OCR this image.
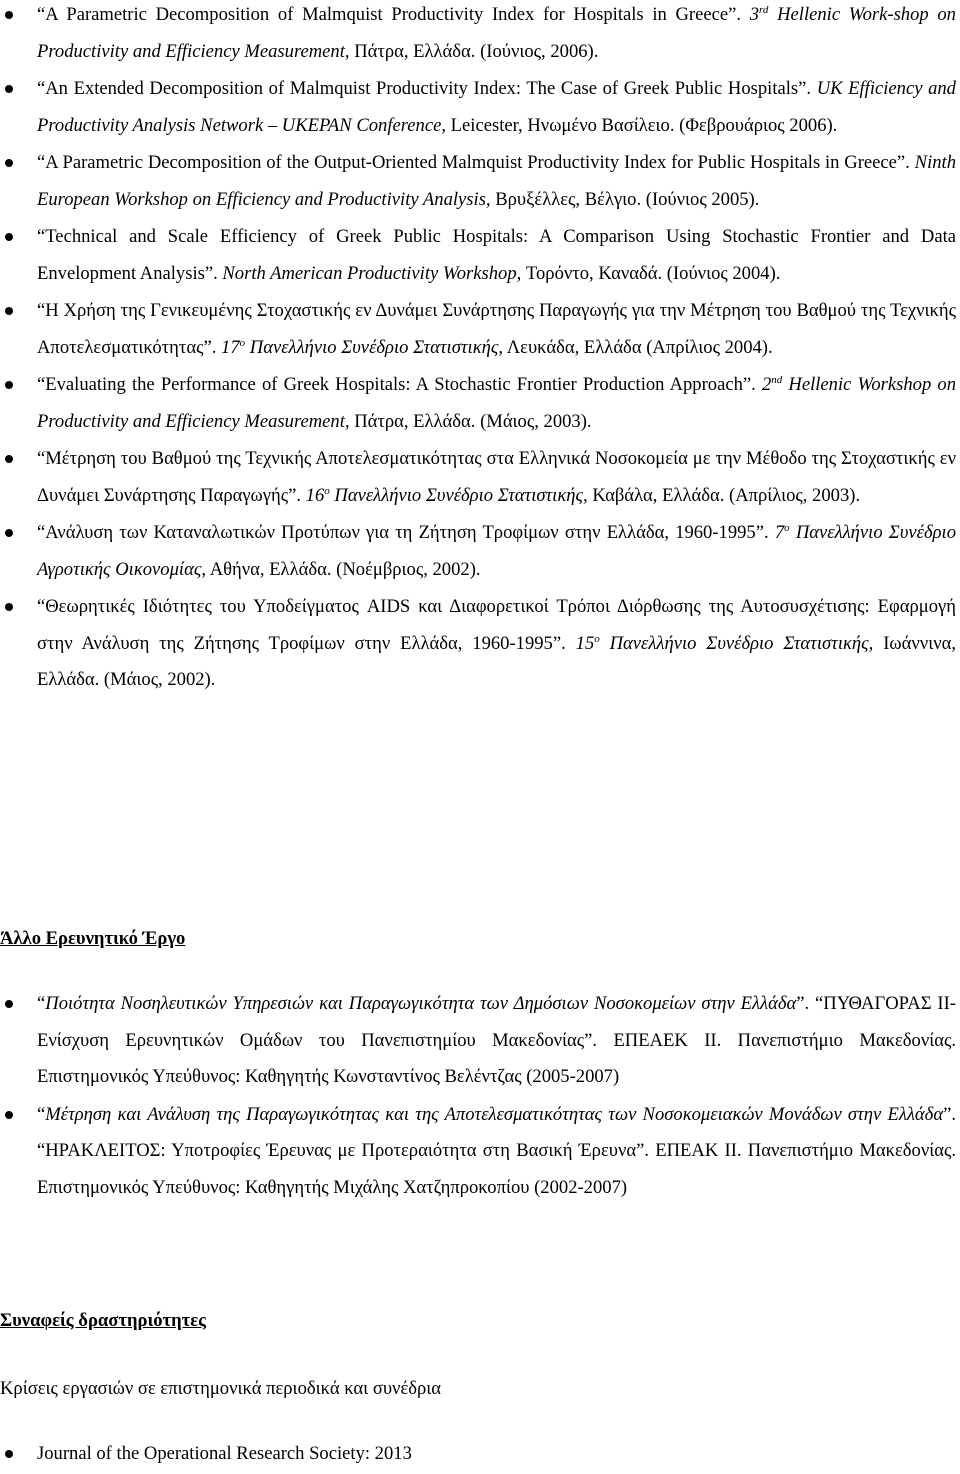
“A Parametric Decomposition of Malmquist Productivity Index for Hospitals in Greece”. 3rd Hellenic Work-shop on Productivity and Efficiency Measurement, Πάτρα, Ελλάδα. (Ιούνιος, 2006).
“An Extended Decomposition of Malmquist Productivity Index: The Case of Greek Public Hospitals”. UK Efficiency and Productivity Analysis Network – UKEPAN Conference, Leicester, Ηνωμένο Βασίλειο. (Φεβρουάριος 2006).
“A Parametric Decomposition of the Output-Oriented Malmquist Productivity Index for Public Hospitals in Greece”. Ninth European Workshop on Efficiency and Productivity Analysis, Βρυξέλλες, Βέλγιο. (Ιούνιος 2005).
“Technical and Scale Efficiency of Greek Public Hospitals: A Comparison Using Stochastic Frontier and Data Envelopment Analysis”. North American Productivity Workshop, Τορόντο, Καναδά. (Ιούνιος 2004).
“Η Χρήση της Γενικευμένης Στοχαστικής εν Δυνάμει Συνάρτησης Παραγωγής για την Μέτρηση του Βαθμού της Τεχνικής Αποτελεσματικότητας”. $17^o$ Πανελλήνιο Συνέδριο Στατιστικής, Λευκάδα, Ελλάδα (Απρίλιος 2004).
“Evaluating the Performance of Greek Hospitals: A Stochastic Frontier Production Approach”. 2nd Hellenic Workshop on Productivity and Efficiency Measurement, Πάτρα, Ελλάδα. (Μάιος, 2003).
“Μέτρηση του Βαθμού της Τεχνικής Αποτελεσματικότητας στα Ελληνικά Νοσοκομεία με την Μέθοδο της Στοχαστικής εν Δυνάμει Συνάρτησης Παραγωγής”. $16^o$ Πανελλήνιο Συνέδριο Στατιστικής, Καβάλα, Ελλάδα. (Απρίλιος, 2003).
“Ανάλυση των Καταναλωτικών Προτύπων για τη Ζήτηση Τροφίμων στην Ελλάδα, 1960-1995”. $7^o$ Πανελλήνιο Συνέδριο Αγροτικής Οικονομίας, Αθήνα, Ελλάδα. (Νοέμβριος, 2002).
“Θεωρητικές Ιδιότητες του Υποδείγματος AIDS και Διαφορετικοί Τρόποι Διόρθωσης της Αυτοσυσχέτισης: Εφαρμογή στην Ανάλυση της Ζήτησης Τροφίμων στην Ελλάδα, 1960-1995”. $15^o$ Πανελλήνιο Συνέδριο Στατιστικής, Ιωάννινα, Ελλάδα. (Μάιος, 2002).
Άλλο Ερευνητικό Έργο
“Ποιότητα Νοσηλευτικών Υπηρεσιών και Παραγωγικότητα των Δημόσιων Νοσοκομείων στην Ελλάδα”. “ΠΥΘΑΓΟΡΑΣ ΙΙ- Ενίσχυση Ερευνητικών Ομάδων του Πανεπιστημίου Μακεδονίας”. ΕΠΕΑΕΚ ΙΙ. Πανεπιστήμιο Μακεδονίας. Επιστημονικός Υπεύθυνος: Καθηγητής Κωνσταντίνος Βελέντζας (2005-2007)
“Μέτρηση και Ανάλυση της Παραγωγικότητας και της Αποτελεσματικότητας των Νοσοκομειακών Μονάδων στην Ελλάδα”. “ΗΡΑΚΛΕΙΤΟΣ: Υποτροφίες Έρευνας με Προτεραιότητα στη Βασική Έρευνα”. ΕΠΕΑΚ ΙΙ. Πανεπιστήμιο Μακεδονίας. Επιστημονικός Υπεύθυνος: Καθηγητής Μιχάλης Χατζηπροκοπίου (2002-2007)
Συναφείς δραστηριότητες

Κρίσεις εργασιών σε επιστημονικά περιοδικά και συνέδρια

Journal of the Operational Research Society: 2013
